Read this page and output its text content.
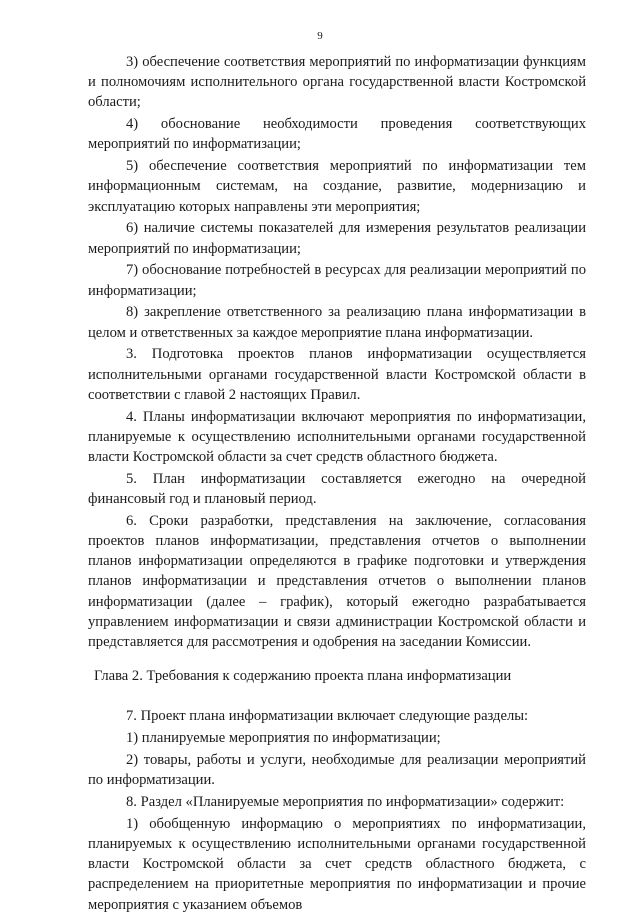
9

3) обеспечение соответствия мероприятий по информатизации функциям и полномочиям исполнительного органа государственной власти Костромской области;

4) обоснование необходимости проведения соответствующих мероприятий по информатизации;

5) обеспечение соответствия мероприятий по информатизации тем информационным системам, на создание, развитие, модернизацию и эксплуатацию которых направлены эти мероприятия;

6) наличие системы показателей для измерения результатов реализации мероприятий по информатизации;

7) обоснование потребностей в ресурсах для реализации мероприятий по информатизации;

8) закрепление ответственного за реализацию плана информатизации в целом и ответственных за каждое мероприятие плана информатизации.

3. Подготовка проектов планов информатизации осуществляется исполнительными органами государственной власти Костромской области в соответствии с главой 2 настоящих Правил.

4. Планы информатизации включают мероприятия по информатизации, планируемые к осуществлению исполнительными органами государственной власти Костромской области за счет средств областного бюджета.

5. План информатизации составляется ежегодно на очередной финансовый год и плановый период.

6. Сроки разработки, представления на заключение, согласования проектов планов информатизации, представления отчетов о выполнении планов информатизации определяются в графике подготовки и утверждения планов информатизации и представления отчетов о выполнении планов информатизации (далее – график), который ежегодно разрабатывается управлением информатизации и связи администрации Костромской области и представляется для рассмотрения и одобрения на заседании Комиссии.

Глава 2. Требования к содержанию проекта плана информатизации

7. Проект плана информатизации включает следующие разделы:

1) планируемые мероприятия по информатизации;

2) товары, работы и услуги, необходимые для реализации мероприятий по информатизации.

8. Раздел «Планируемые мероприятия по информатизации» содержит:

1) обобщенную информацию о мероприятиях по информатизации, планируемых к осуществлению исполнительными органами государственной власти Костромской области за счет средств областного бюджета, с распределением на приоритетные мероприятия по информатизации и прочие мероприятия с указанием объемов
